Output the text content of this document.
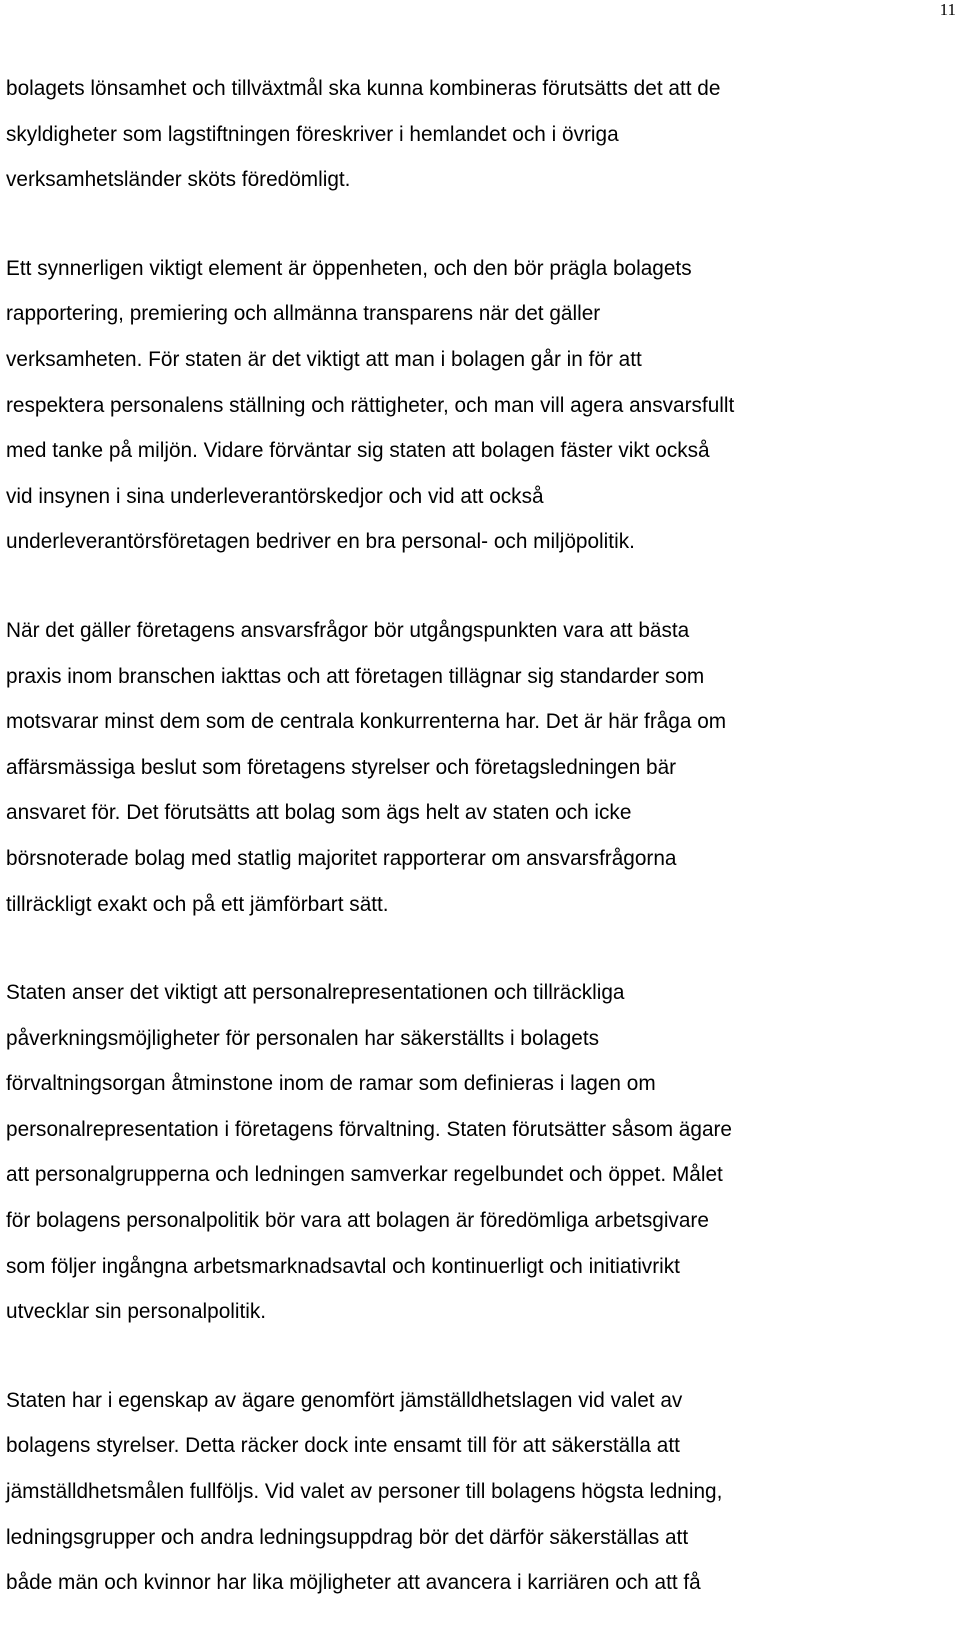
11

bolagets lönsamhet och tillväxtmål ska kunna kombineras förutsätts det att de
skyldigheter som lagstiftningen föreskriver i hemlandet och i övriga
verksamhetsländer sköts föredömligt.

Ett synnerligen viktigt element är öppenheten, och den bör prägla bolagets
rapportering, premiering och allmänna transparens när det gäller
verksamheten. För staten är det viktigt att man i bolagen går in för att
respektera personalens ställning och rättigheter, och man vill agera ansvarsfullt
med tanke på miljön. Vidare förväntar sig staten att bolagen fäster vikt också
vid insynen i sina underleverantörskedjor och vid att också
underleverantörsföretagen bedriver en bra personal- och miljöpolitik.

När det gäller företagens ansvarsfrågor bör utgångspunkten vara att bästa
praxis inom branschen iakttas och att företagen tillägnar sig standarder som
motsvarar minst dem som de centrala konkurrenterna har. Det är här fråga om
affärsmässiga beslut som företagens styrelser och företagsledningen bär
ansvaret för. Det förutsätts att bolag som ägs helt av staten och icke
börsnoterade bolag med statlig majoritet rapporterar om ansvarsfrågorna
tillräckligt exakt och på ett jämförbart sätt.

Staten anser det viktigt att personalrepresentationen och tillräckliga
påverkningsmöjligheter för personalen har säkerställts i bolagets
förvaltningsorgan åtminstone inom de ramar som definieras i lagen om
personalrepresentation i företagens förvaltning. Staten förutsätter såsom ägare
att personalgrupperna och ledningen samverkar regelbundet och öppet. Målet
för bolagens personalpolitik bör vara att bolagen är föredömliga arbetsgivare
som följer ingångna arbetsmarknadsavtal och kontinuerligt och initiativrikt
utvecklar sin personalpolitik.

Staten har i egenskap av ägare genomfört jämställdhetslagen vid valet av
bolagens styrelser. Detta räcker dock inte ensamt till för att säkerställa att
jämställdhetsmålen fullföljs. Vid valet av personer till bolagens högsta ledning,
ledningsgrupper och andra ledningsuppdrag bör det därför säkerställas att
både män och kvinnor har lika möjligheter att avancera i karriären och att få
